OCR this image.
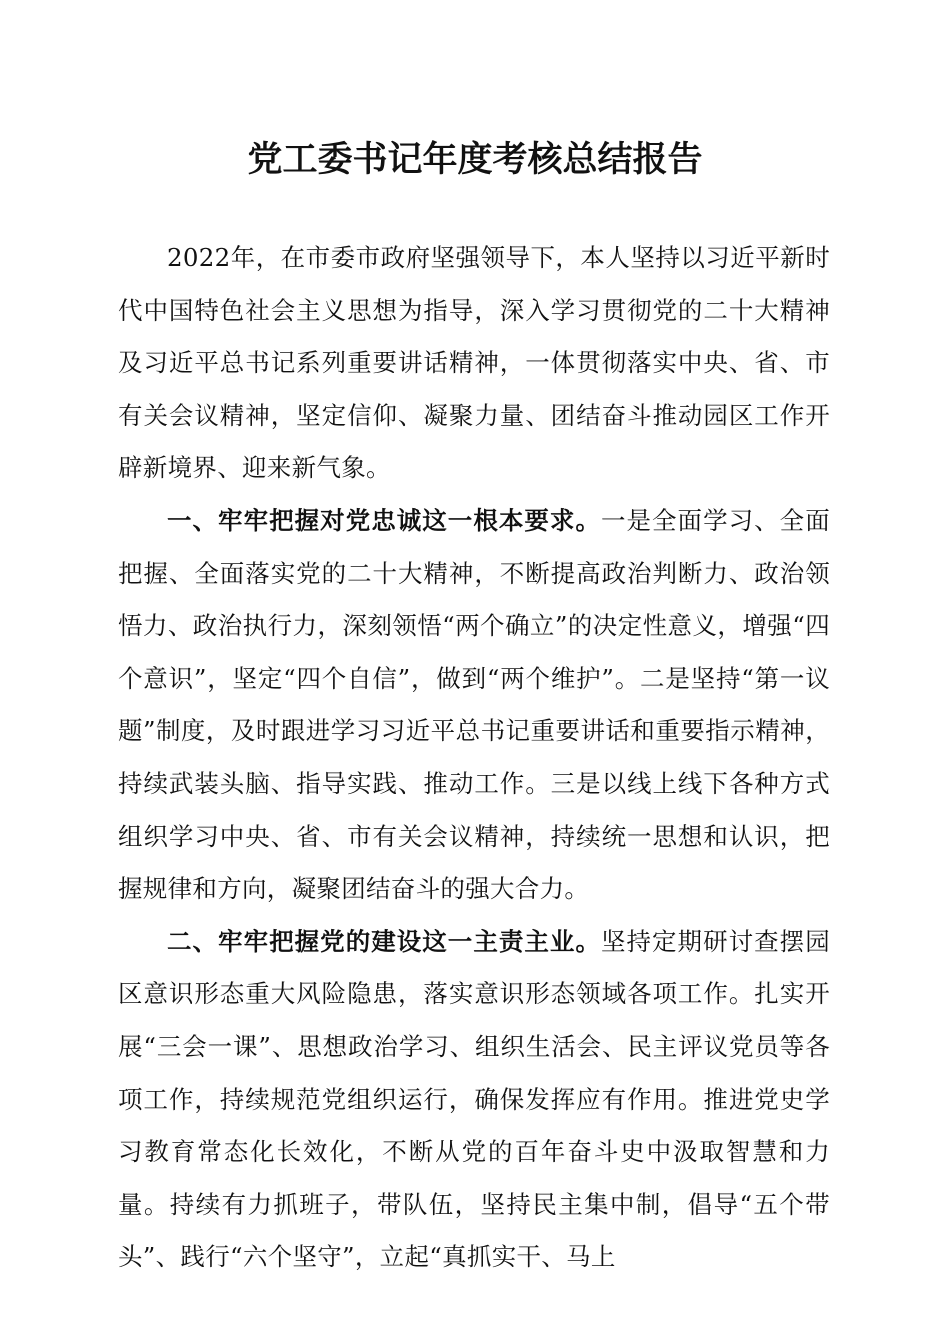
党工委书记年度考核总结报告

2022年，在市委市政府坚强领导下，本人坚持以习近平新时代中国特色社会主义思想为指导，深入学习贯彻党的二十大精神及习近平总书记系列重要讲话精神，一体贯彻落实中央、省、市有关会议精神，坚定信仰、凝聚力量、团结奋斗推动园区工作开辟新境界、迎来新气象。

一、牢牢把握对党忠诚这一根本要求。一是全面学习、全面把握、全面落实党的二十大精神，不断提高政治判断力、政治领悟力、政治执行力，深刻领悟“两个确立”的决定性意义，增强“四个意识”，坚定“四个自信”，做到“两个维护”。二是坚持“第一议题”制度，及时跟进学习习近平总书记重要讲话和重要指示精神，持续武装头脑、指导实践、推动工作。三是以线上线下各种方式组织学习中央、省、市有关会议精神，持续统一思想和认识，把握规律和方向，凝聚团结奋斗的强大合力。

二、牢牢把握党的建设这一主责主业。坚持定期研讨查摆园区意识形态重大风险隐患，落实意识形态领域各项工作。扎实开展“三会一课”、思想政治学习、组织生活会、民主评议党员等各项工作，持续规范党组织运行，确保发挥应有作用。推进党史学习教育常态化长效化，不断从党的百年奋斗史中汲取智慧和力量。持续有力抓班子，带队伍，坚持民主集中制，倡导“五个带头”、践行“六个坚守”，立起“真抓实干、马上
